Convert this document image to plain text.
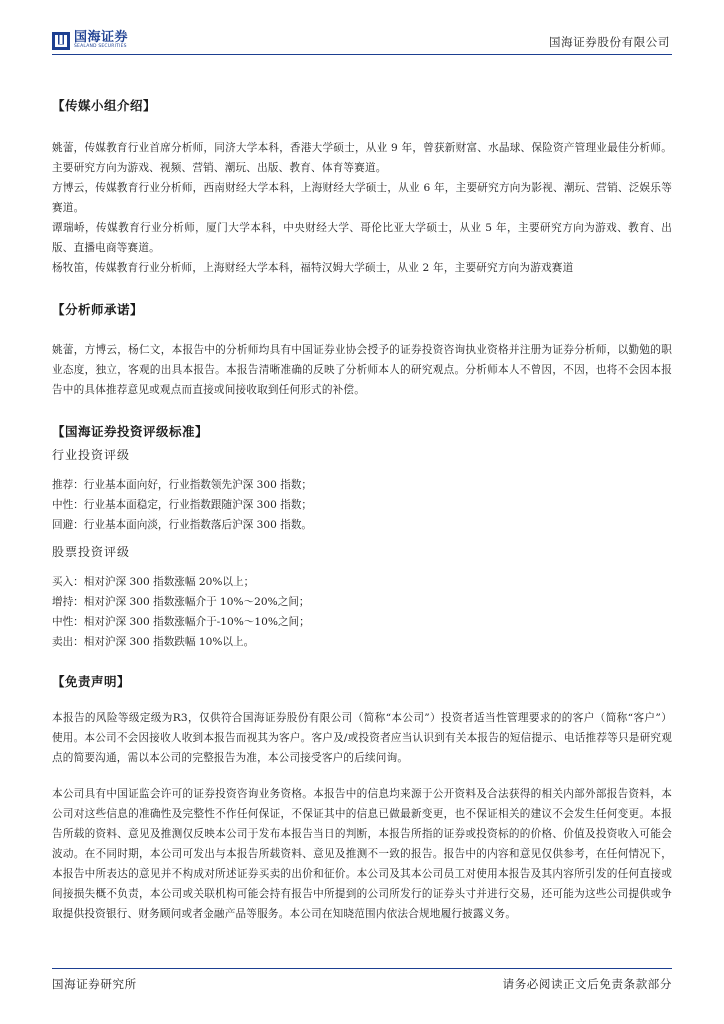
国海证券
SEALAND SECURITIES	国海证券股份有限公司
【传媒小组介绍】

姚蕾，传媒教育行业首席分析师，同济大学本科，香港大学硕士，从业 9 年，曾获新财富、水晶球、保险资产管理业最佳分析师。主要研究方向为游戏、视频、营销、潮玩、出版、教育、体育等赛道。

方博云，传媒教育行业分析师，西南财经大学本科，上海财经大学硕士，从业 6 年，主要研究方向为影视、潮玩、营销、泛娱乐等赛道。

谭瑞峤，传媒教育行业分析师，厦门大学本科，中央财经大学、哥伦比亚大学硕士，从业 5 年，主要研究方向为游戏、教育、出版、直播电商等赛道。

杨牧笛，传媒教育行业分析师，上海财经大学本科，福特汉姆大学硕士，从业 2 年，主要研究方向为游戏赛道

【分析师承诺】

姚蕾，方博云，杨仁文，本报告中的分析师均具有中国证券业协会授予的证券投资咨询执业资格并注册为证券分析师，以勤勉的职业态度，独立，客观的出具本报告。本报告清晰准确的反映了分析师本人的研究观点。分析师本人不曾因，不因，也将不会因本报告中的具体推荐意见或观点而直接或间接收取到任何形式的补偿。

【国海证券投资评级标准】
行业投资评级
推荐：行业基本面向好，行业指数领先沪深 300 指数；
中性：行业基本面稳定，行业指数跟随沪深 300 指数；
回避：行业基本面向淡，行业指数落后沪深 300 指数。
股票投资评级
买入：相对沪深 300 指数涨幅 20%以上；
增持：相对沪深 300 指数涨幅介于 10%～20%之间；
中性：相对沪深 300 指数涨幅介于-10%～10%之间；
卖出：相对沪深 300 指数跌幅 10%以上。
【免责声明】

本报告的风险等级定级为R3，仅供符合国海证券股份有限公司（简称“本公司”）投资者适当性管理要求的的客户（简称“客户”）使用。本公司不会因接收人收到本报告而视其为客户。客户及/或投资者应当认识到有关本报告的短信提示、电话推荐等只是研究观点的简要沟通，需以本公司的完整报告为准，本公司接受客户的后续问询。

本公司具有中国证监会许可的证券投资咨询业务资格。本报告中的信息均来源于公开资料及合法获得的相关内部外部报告资料，本公司对这些信息的准确性及完整性不作任何保证，不保证其中的信息已做最新变更，也不保证相关的建议不会发生任何变更。本报告所载的资料、意见及推测仅反映本公司于发布本报告当日的判断，本报告所指的证券或投资标的的价格、价值及投资收入可能会波动。在不同时期，本公司可发出与本报告所载资料、意见及推测不一致的报告。报告中的内容和意见仅供参考，在任何情况下，本报告中所表达的意见并不构成对所述证券买卖的出价和征价。本公司及其本公司员工对使用本报告及其内容所引发的任何直接或间接损失概不负责，本公司或关联机构可能会持有报告中所提到的公司所发行的证券头寸并进行交易，还可能为这些公司提供或争取提供投资银行、财务顾问或者金融产品等服务。本公司在知晓范围内依法合规地履行披露义务。

国海证券研究所	请务必阅读正文后免责条款部分
